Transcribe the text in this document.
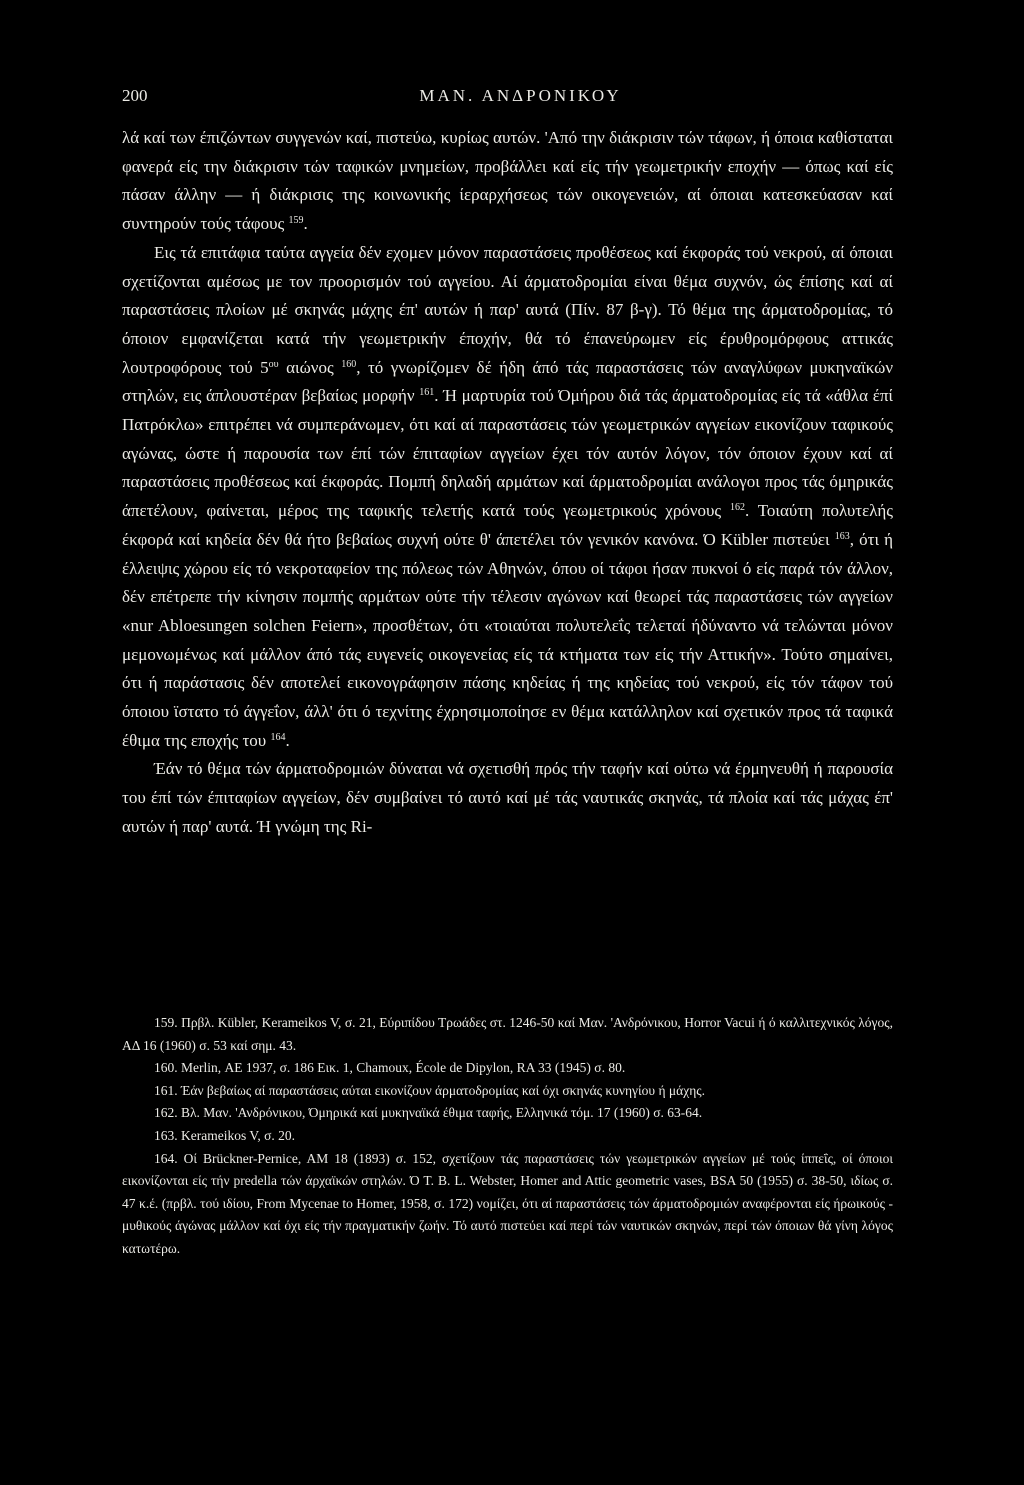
200	ΜΑΝ. ΑΝΔΡΟΝΙΚΟΥ

λά καί των έπιζώντων συγγενών καί, πιστεύω, κυρίως αυτών. 'Από την διάκρισιν τών τάφων, ή όποια καθίσταται φανερά είς την διάκρισιν τών ταφικών μνημείων, προβάλλει καί είς τήν γεωμετρικήν εποχήν — όπως καί είς πάσαν άλλην — ή διάκρισις της κοινωνικής ίεραρχήσεως τών οικογενειών, αί όποιαι κατεσκεύασαν καί συντηρούν τούς τάφους $^{159}$.

Εις τά επιτάφια ταύτα αγγεία δέν εχομεν μόνον παραστάσεις προθέσεως καί έκφοράς τού νεκρού, αί όποιαι σχετίζονται αμέσως με τον προορισμόν τού αγγείου. Αί άρματοδρομίαι είναι θέμα συχνόν, ώς έπίσης καί αί παραστάσεις πλοίων μέ σκηνάς μάχης έπ' αυτών ή παρ' αυτά (Πίν. 87 β-γ). Τό θέμα της άρματοδρομίας, τό όποιον εμφανίζεται κατά τήν γεωμετρικήν έποχήν, θά τό έπανεύρωμεν είς έρυθρομόρφους αττικάς λουτροφόρους τού $5^{o\upsilon}$ αιώνος $^{160}$, τό γνωρίζομεν δέ ήδη άπό τάς παραστάσεις τών αναγλύφων μυκηναϊκών στηλών, εις άπλουστέραν βεβαίως μορφήν $^{161}$. Ή μαρτυρία τού Όμήρου διά τάς άρματοδρομίας είς τά «άθλα έπί Πατρόκλω» επιτρέπει νά συμπεράνωμεν, ότι καί αί παραστάσεις τών γεωμετρικών αγγείων εικονίζουν ταφικούς αγώνας, ώστε ή παρουσία των έπί τών έπιταφίων αγγείων έχει τόν αυτόν λόγον, τόν όποιον έχουν καί αί παραστάσεις προθέσεως καί έκφοράς. Πομπή δηλαδή αρμάτων καί άρματοδρομίαι ανάλογοι προς τάς όμηρικάς άπετέλουν, φαίνεται, μέρος της ταφικής τελετής κατά τούς γεωμετρικούς χρόνους $^{162}$. Τοιαύτη πολυτελής έκφορά καί κηδεία δέν θά ήτο βεβαίως συχνή ούτε θ' άπετέλει τόν γενικόν κανόνα. Ό Kübler πιστεύει $^{163}$, ότι ή έλλειψις χώρου είς τό νεκροταφείον της πόλεως τών Αθηνών, όπου οί τάφοι ήσαν πυκνοί ό είς παρά τόν άλλον, δέν επέτρεπε τήν κίνησιν πομπής αρμάτων ούτε τήν τέλεσιν αγώνων καί θεωρεί τάς παραστάσεις τών αγγείων «nur Abloesungen solchen Feiern», προσθέτων, ότι «τοιαύται πολυτελεΐς τελεταί ήδύναντο νά τελώνται μόνον μεμονωμένως καί μάλλον άπό τάς ευγενείς οικογενείας είς τά κτήματα των είς τήν Αττικήν». Τούτο σημαίνει, ότι ή παράστασις δέν αποτελεί εικονογράφησιν πάσης κηδείας ή της κηδείας τού νεκρού, είς τόν τάφον τού όποιου ϊστατο τό άγγεΐον, άλλ' ότι ό τεχνίτης έχρησιμοποίησε εν θέμα κατάλληλον καί σχετικόν προς τά ταφικά έθιμα της εποχής του $^{164}$.

Έάν τό θέμα τών άρματοδρομιών δύναται νά σχετισθή πρός τήν ταφήν καί ούτω νά έρμηνευθή ή παρουσία του έπί τών έπιταφίων αγγείων, δέν συμβαίνει τό αυτό καί μέ τάς ναυτικάς σκηνάς, τά πλοία καί τάς μάχας έπ' αυτών ή παρ' αυτά. Ή γνώμη της Ri-

159. Πρβλ. Kübler, Kerameikos V, σ. 21, Εύριπίδου Τρωάδες στ. 1246-50 καί Μαν. 'Ανδρόνικου, Horror Vacui ή ό καλλιτεχνικός λόγος, ΑΔ 16 (1960) σ. 53 καί σημ. 43.

160. Merlin, ΑΕ 1937, σ. 186 Εικ. 1, Chamoux, École de Dipylon, RA 33 (1945) σ. 80.

161. Έάν βεβαίως αί παραστάσεις αύται εικονίζουν άρματοδρομίας καί όχι σκηνάς κυνηγίου ή μάχης.

162. Βλ. Μαν. 'Ανδρόνικου, Όμηρικά καί μυκηναϊκά έθιμα ταφής, Ελληνικά τόμ. 17 (1960) σ. 63-64.

163. Kerameikos V, σ. 20.

164. Οί Brückner-Pernice, AM 18 (1893) σ. 152, σχετίζουν τάς παραστάσεις τών γεωμετρικών αγγείων μέ τούς ίππεΐς, οί όποιοι εικονίζονται είς τήν predella τών άρχαϊκών στηλών. Ό Τ. Β. L. Webster, Homer and Attic geometric vases, BSA 50 (1955) σ. 38-50, ιδίως σ. 47 κ.έ. (πρβλ. τού ιδίου, From Mycenae to Homer, 1958, σ. 172) νομίζει, ότι αί παραστάσεις τών άρματοδρομιών αναφέρονται είς ήρωικούς - μυθικούς άγώνας μάλλον καί όχι είς τήν πραγματικήν ζωήν. Τό αυτό πιστεύει καί περί τών ναυτικών σκηνών, περί τών όποιων θά γίνη λόγος κατωτέρω.
